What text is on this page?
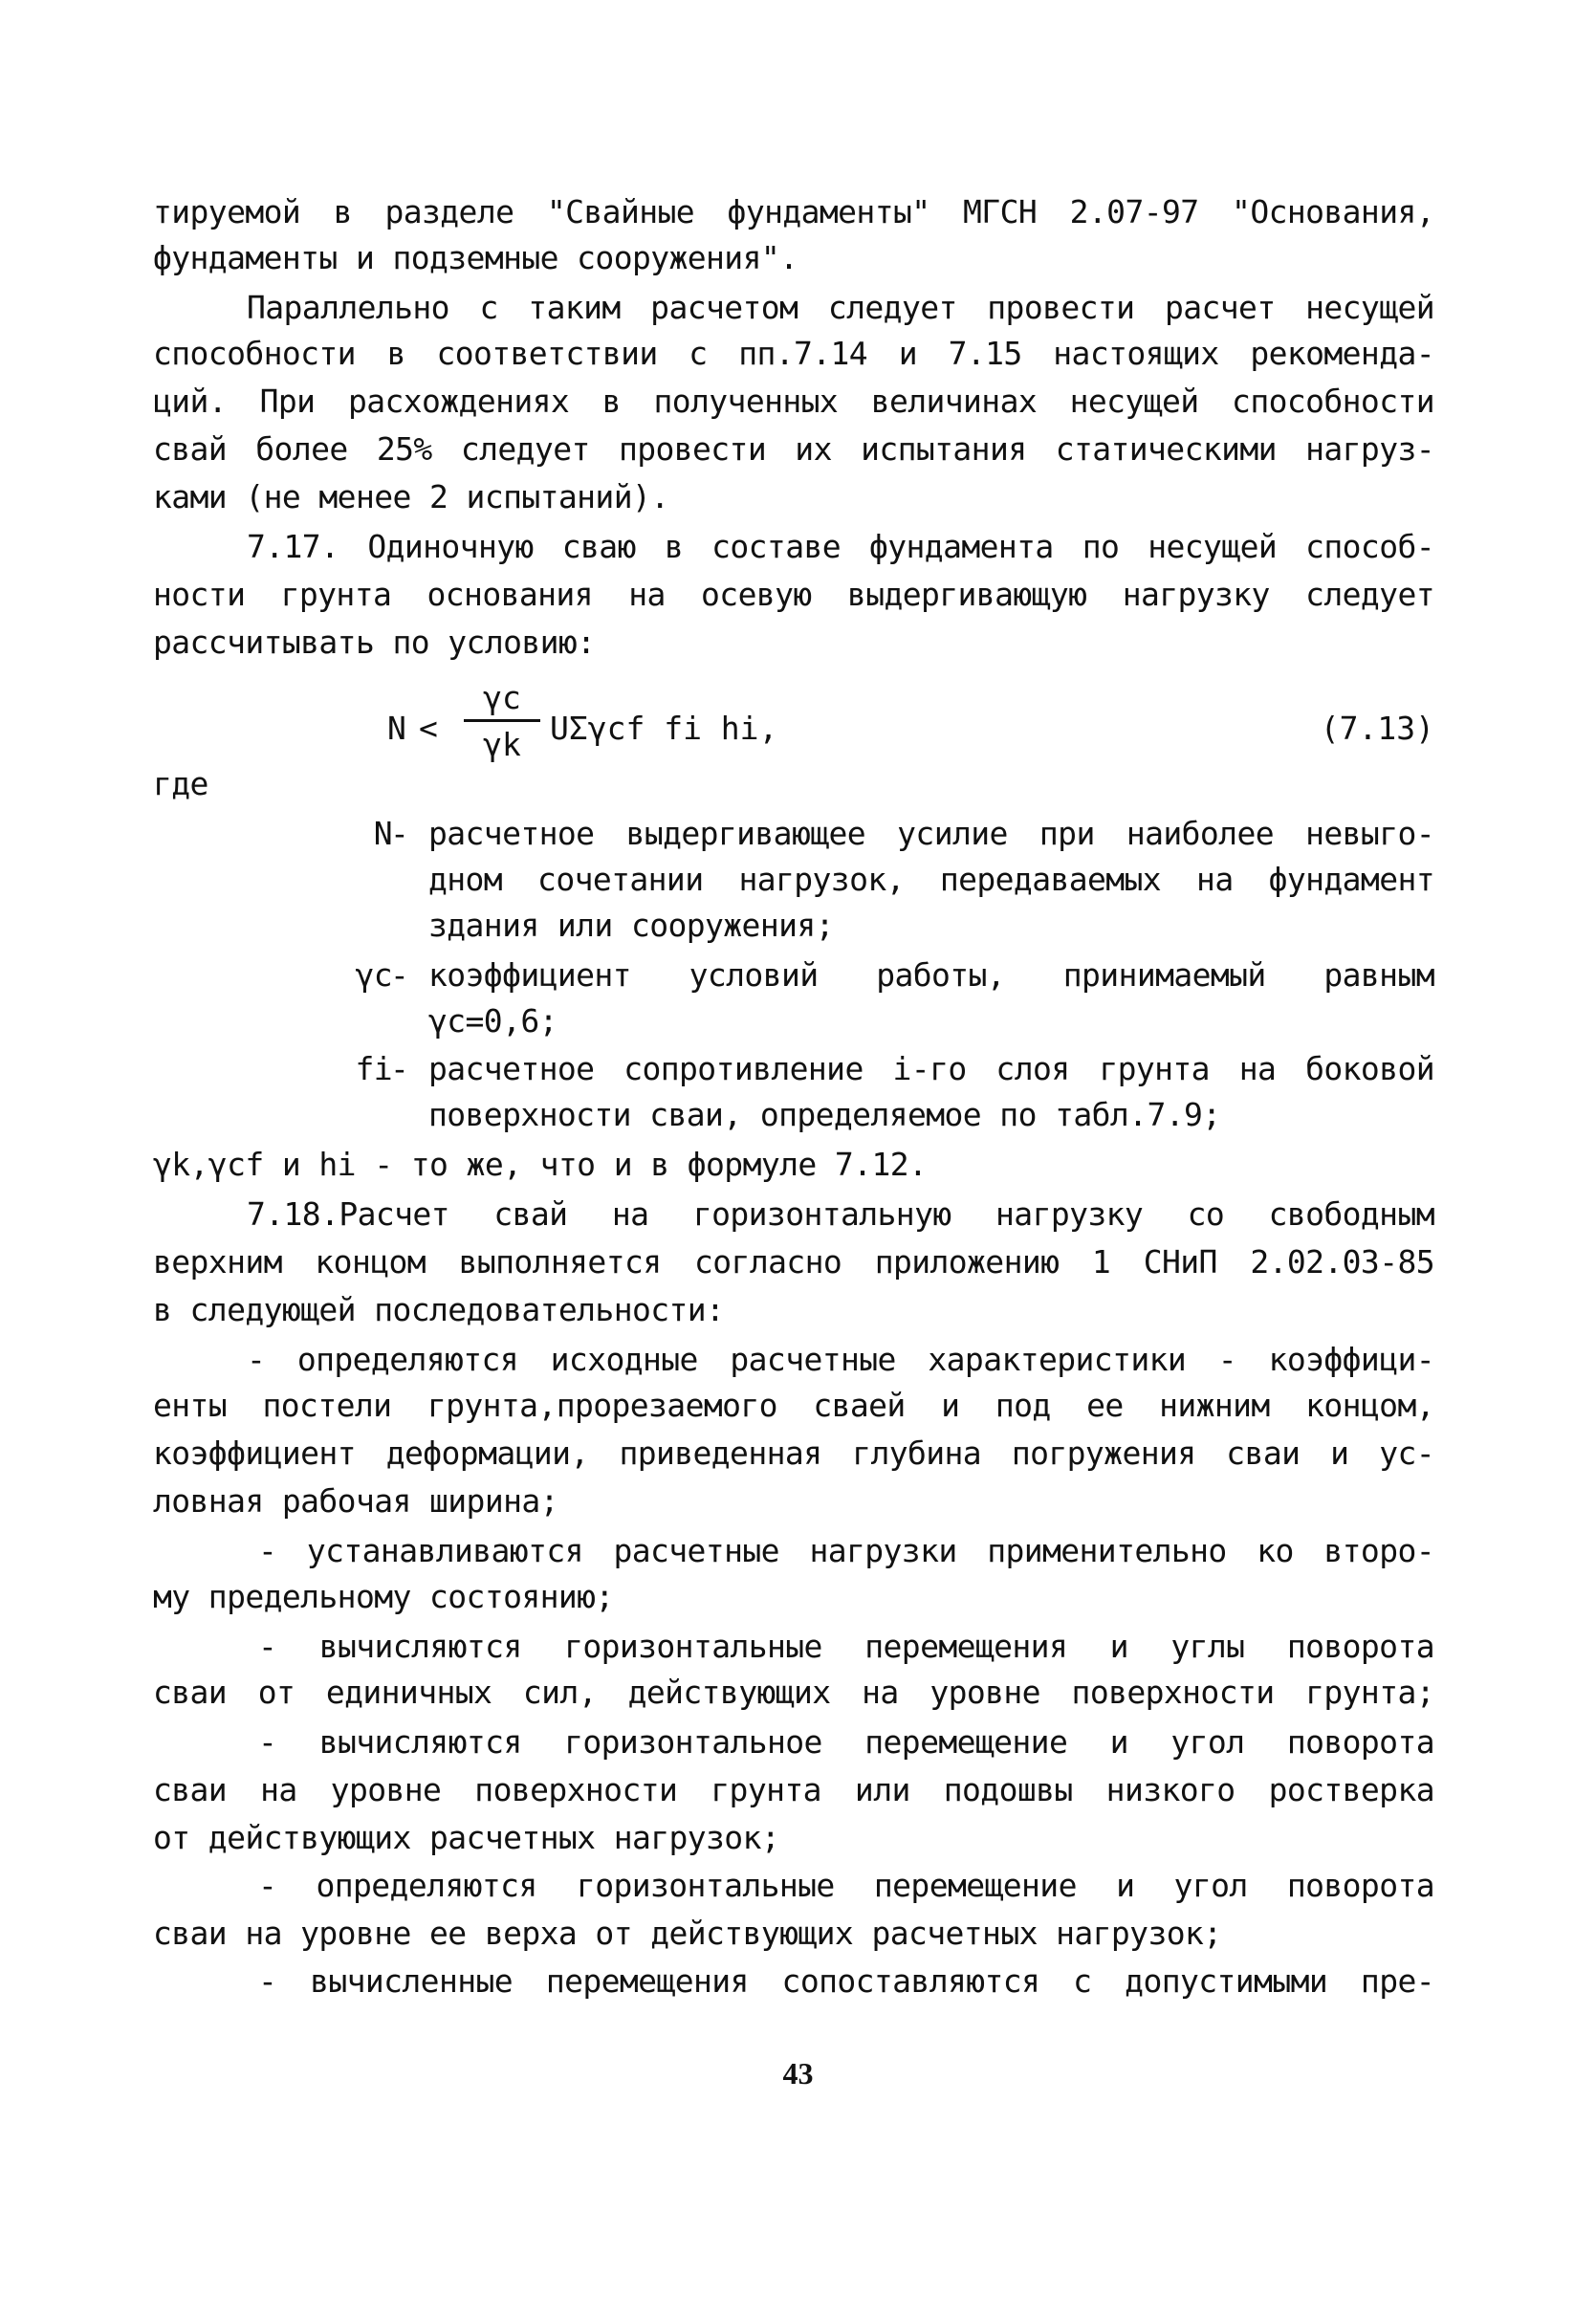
тируемой в разделе "Свайные фундаменты" МГСН 2.07-97 "Основания,
фундаменты и подземные сооружения".
Параллельно с таким расчетом следует провести расчет несущей
способности в соответствии с пп.7.14 и 7.15 настоящих рекоменда-
ций. При расхождениях в полученных величинах несущей способности
свай более 25% следует провести их испытания статическими нагруз-
ками (не менее 2 испытаний).
7.17. Одиночную сваю в составе фундамента по несущей способ-
ности грунта основания на осевую выдергивающую нагрузку следует
рассчитывать по условию:
N <
γc
γk UΣγcf fi hi,	(7.13)
где
N
- расчетное выдергивающее усилие при наиболее невыго-
дном сочетании нагрузок, передаваемых на фундамент
здания или сооружения;
γc
- коэффициент условий работы, принимаемый равным
γc=0,6;
fi
- расчетное сопротивление i-го слоя грунта на боковой
поверхности сваи, определяемое по табл.7.9;
γk,γcf и hi - то же, что и в формуле 7.12.
7.18.Расчет свай на горизонтальную нагрузку со свободным
верхним концом выполняется согласно приложению 1 СНиП 2.02.03-85
в следующей последовательности:
- определяются исходные расчетные характеристики - коэффици-
енты постели грунта,прорезаемого сваей и под ее нижним концом,
коэффициент деформации, приведенная глубина погружения сваи и ус-
ловная рабочая ширина;
- устанавливаются расчетные нагрузки применительно ко второ-
му предельному состоянию;
- вычисляются горизонтальные перемещения и углы поворота
сваи от единичных сил, действующих на уровне поверхности грунта;
- вычисляются горизонтальное перемещение и угол поворота
сваи на уровне поверхности грунта или подошвы низкого ростверка
от действующих расчетных нагрузок;
- определяются горизонтальные перемещение и угол поворота
сваи на уровне ее верха от действующих расчетных нагрузок;
- вычисленные перемещения сопоставляются с допустимыми пре-
43
